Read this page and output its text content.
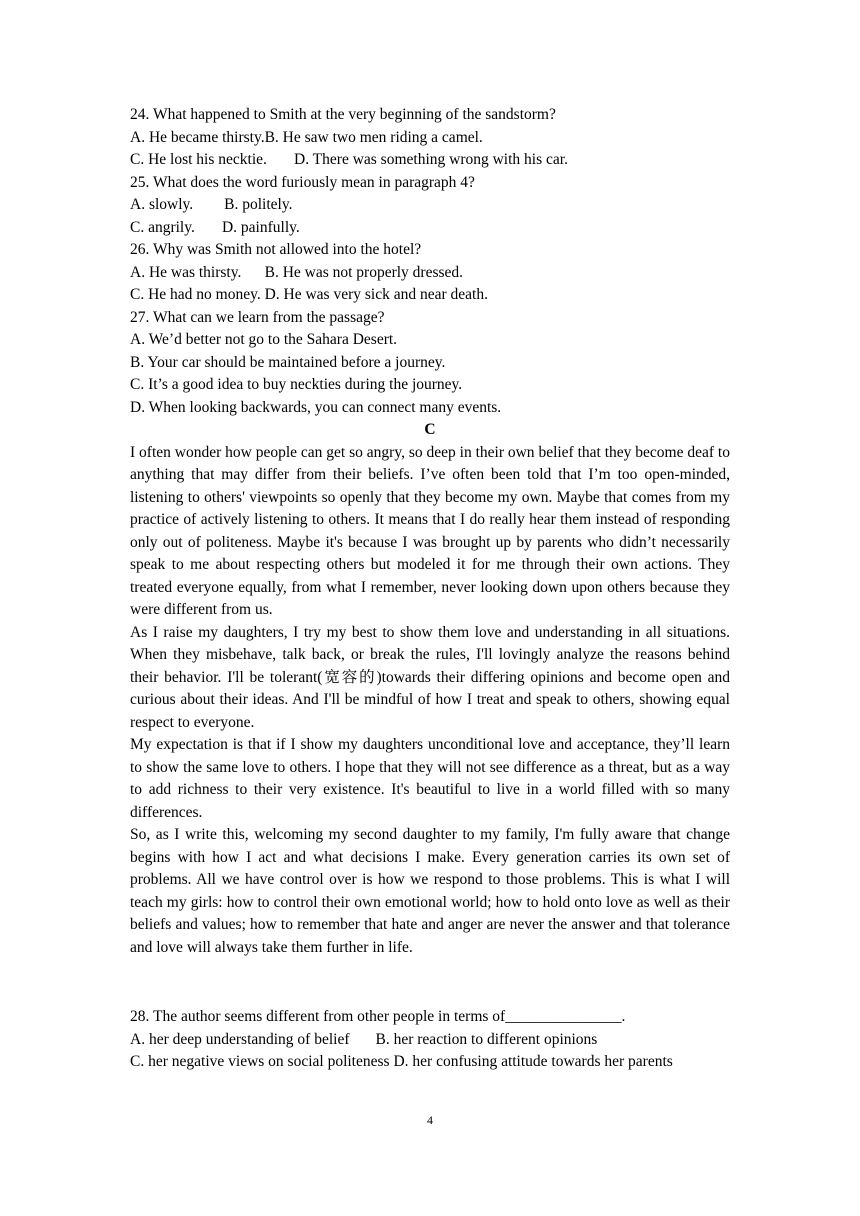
24. What happened to Smith at the very beginning of the sandstorm?
A. He became thirsty.B. He saw two men riding a camel.
C. He lost his necktie.       D. There was something wrong with his car.
25. What does the word furiously mean in paragraph 4?
A. slowly.        B. politely.
C. angrily.       D. painfully.
26. Why was Smith not allowed into the hotel?
A. He was thirsty.      B. He was not properly dressed.
C. He had no money. D. He was very sick and near death.
27. What can we learn from the passage?
A. We’d better not go to the Sahara Desert.
B. Your car should be maintained before a journey.
C. It’s a good idea to buy neckties during the journey.
D. When looking backwards, you can connect many events.
C
I often wonder how people can get so angry, so deep in their own belief that they become deaf to anything that may differ from their beliefs. I’ve often been told that I’m too open-minded, listening to others' viewpoints so openly that they become my own. Maybe that comes from my practice of actively listening to others. It means that I do really hear them instead of responding only out of politeness. Maybe it's because I was brought up by parents who didn’t necessarily speak to me about respecting others but modeled it for me through their own actions. They treated everyone equally, from what I remember, never looking down upon others because they were different from us.
As I raise my daughters, I try my best to show them love and understanding in all situations. When they misbehave, talk back, or break the rules, I'll lovingly analyze the reasons behind their behavior. I'll be tolerant(宽容的)towards their differing opinions and become open and curious about their ideas. And I'll be mindful of how I treat and speak to others, showing equal respect to everyone.
My expectation is that if I show my daughters unconditional love and acceptance, they’ll learn to show the same love to others. I hope that they will not see difference as a threat, but as a way to add richness to their very existence. It's beautiful to live in a world filled with so many differences.
So, as I write this, welcoming my second daughter to my family, I'm fully aware that change begins with how I act and what decisions I make. Every generation carries its own set of problems. All we have control over is how we respond to those problems. This is what I will teach my girls: how to control their own emotional world; how to hold onto love as well as their beliefs and values; how to remember that hate and anger are never the answer and that tolerance and love will always take them further in life.
28. The author seems different from other people in terms of_______________.
A. her deep understanding of belief B. her reaction to different opinions
C. her negative views on social politeness D. her confusing attitude towards her parents
4
